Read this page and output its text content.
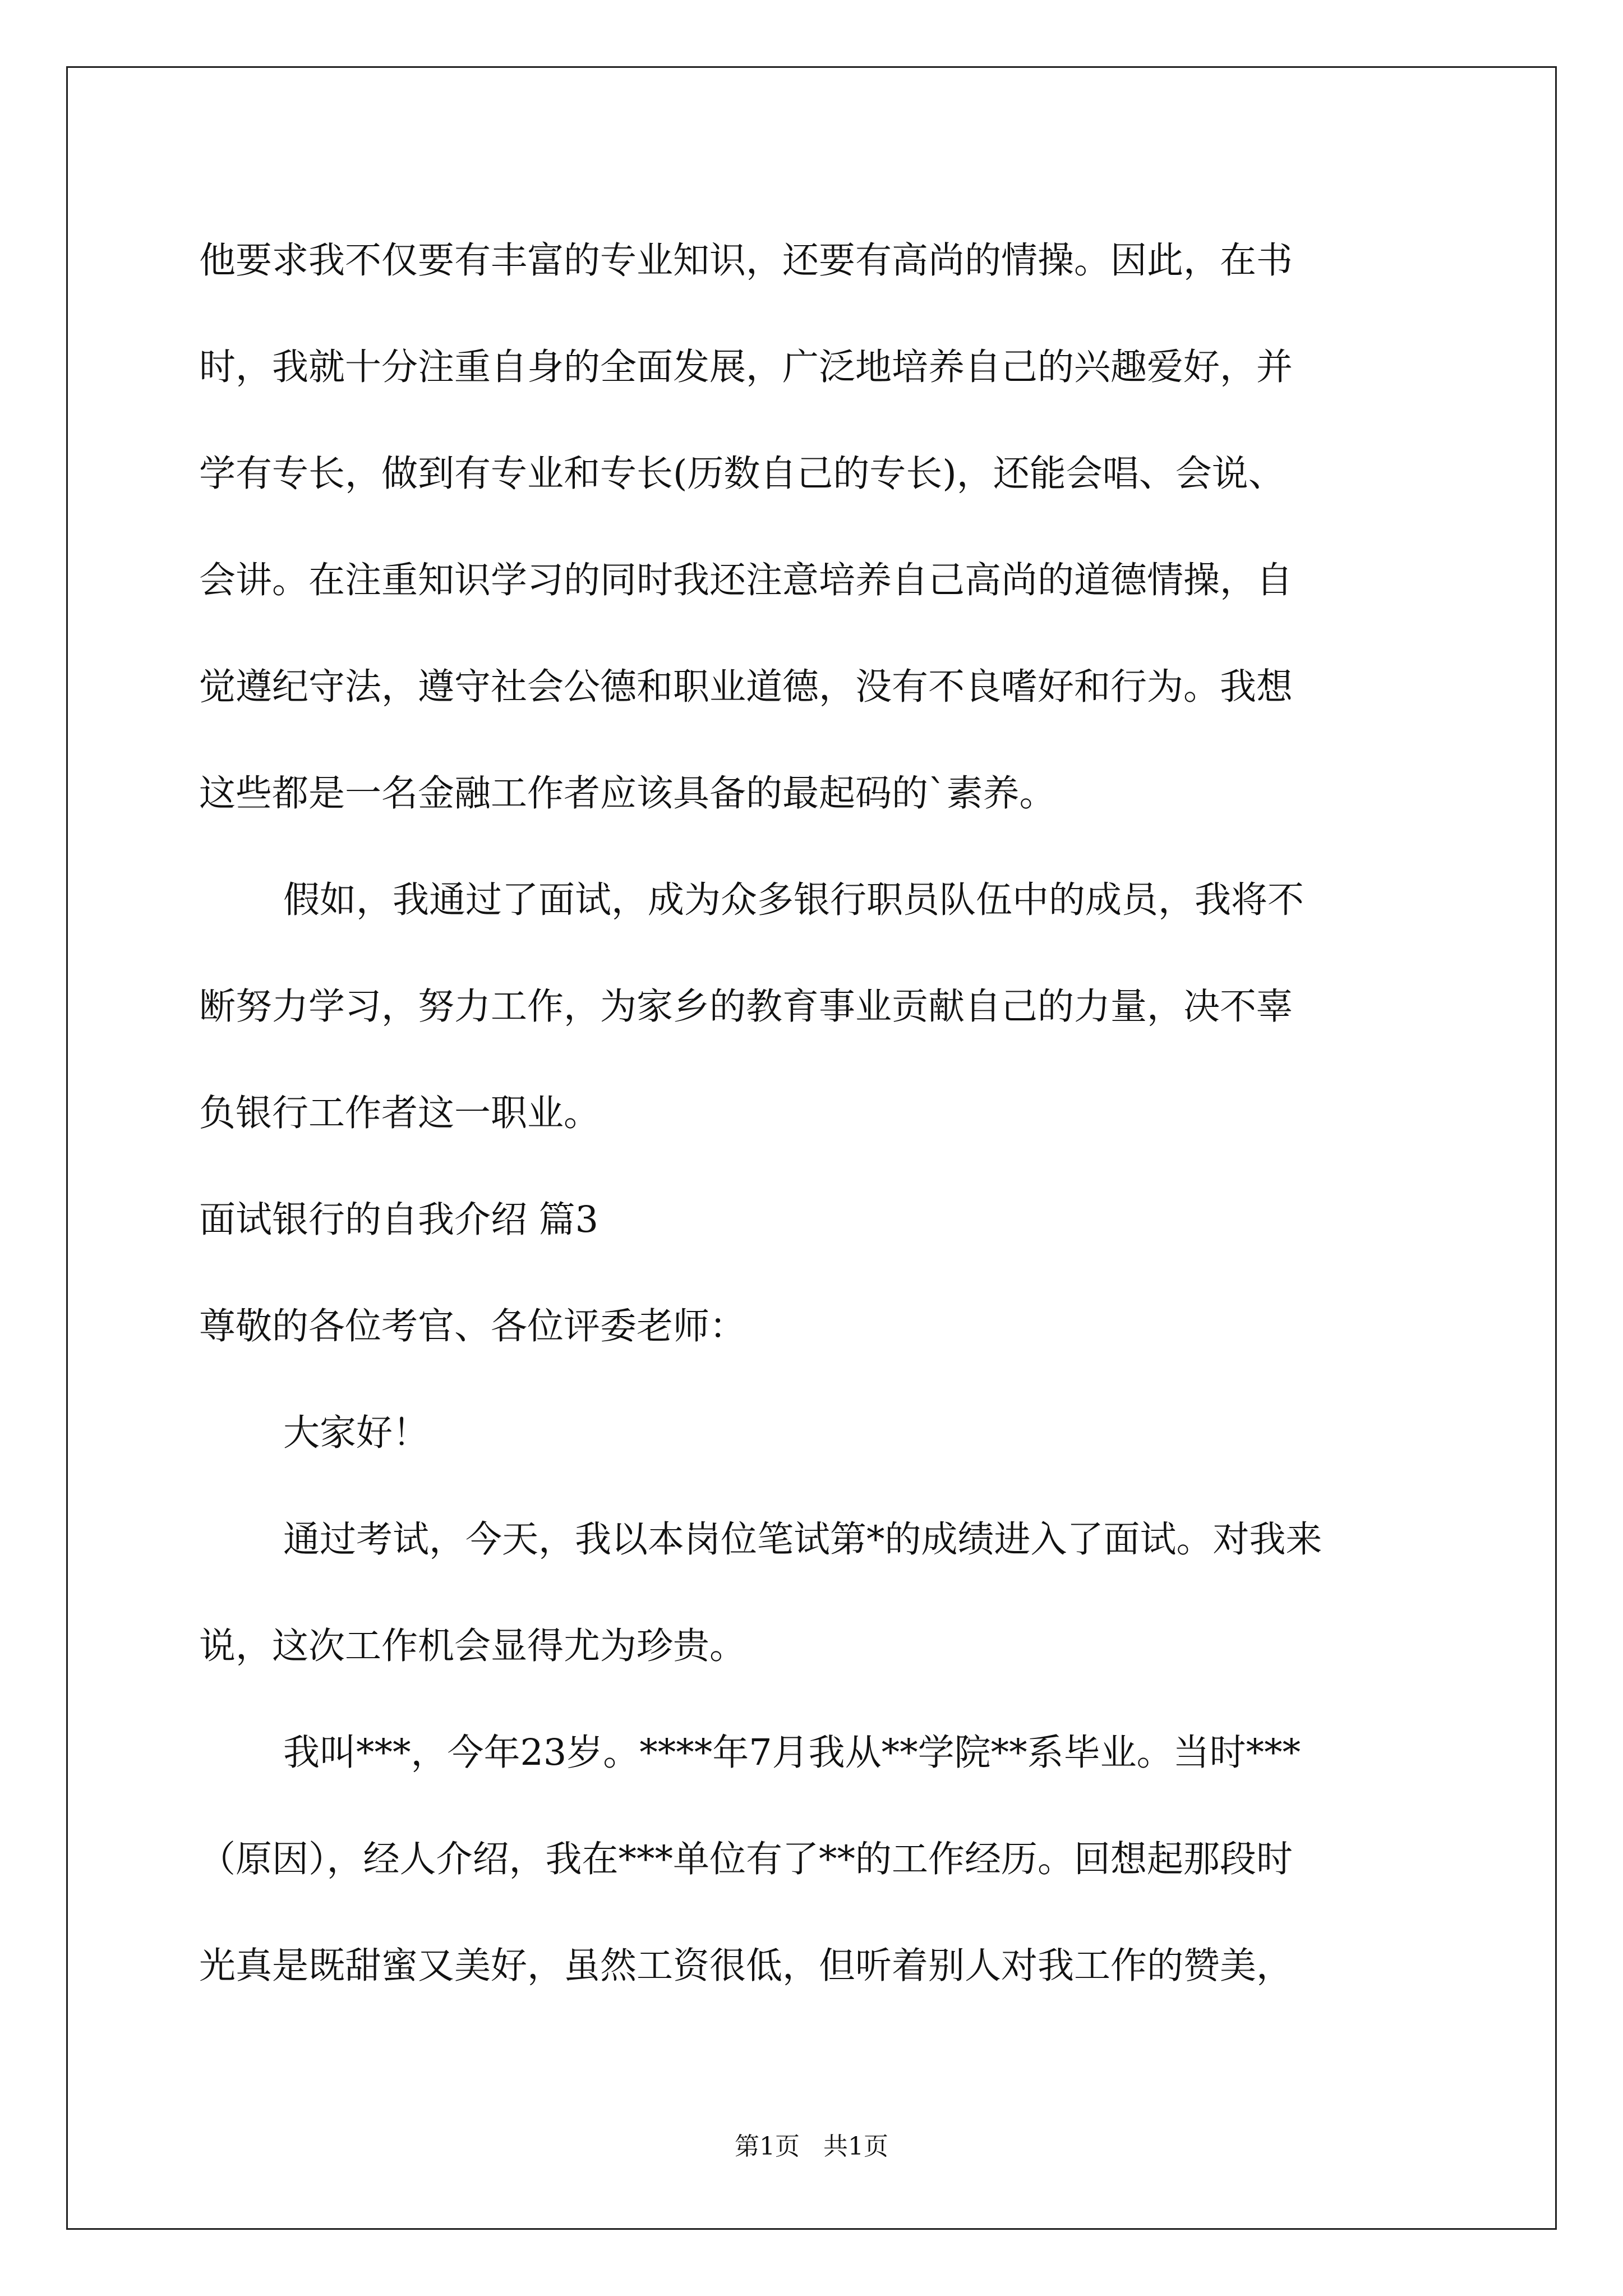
他要求我不仅要有丰富的专业知识，还要有高尚的情操。因此，在书
时，我就十分注重自身的全面发展，广泛地培养自己的兴趣爱好，并
学有专长，做到有专业和专长(历数自己的专长)，还能会唱、会说、
会讲。在注重知识学习的同时我还注意培养自己高尚的道德情操，自
觉遵纪守法，遵守社会公德和职业道德，没有不良嗜好和行为。我想
这些都是一名金融工作者应该具备的最起码的`素养。
假如，我通过了面试，成为众多银行职员队伍中的成员，我将不
断努力学习，努力工作，为家乡的教育事业贡献自己的力量，决不辜
负银行工作者这一职业。
面试银行的自我介绍 篇3
尊敬的各位考官、各位评委老师：
大家好！
通过考试，今天，我以本岗位笔试第*的成绩进入了面试。对我来
说，这次工作机会显得尤为珍贵。
我叫***，今年23岁。****年7月我从**学院**系毕业。当时***
（原因），经人介绍，我在***单位有了**的工作经历。回想起那段时
光真是既甜蜜又美好，虽然工资很低，但听着别人对我工作的赞美，
第1页   共1页
